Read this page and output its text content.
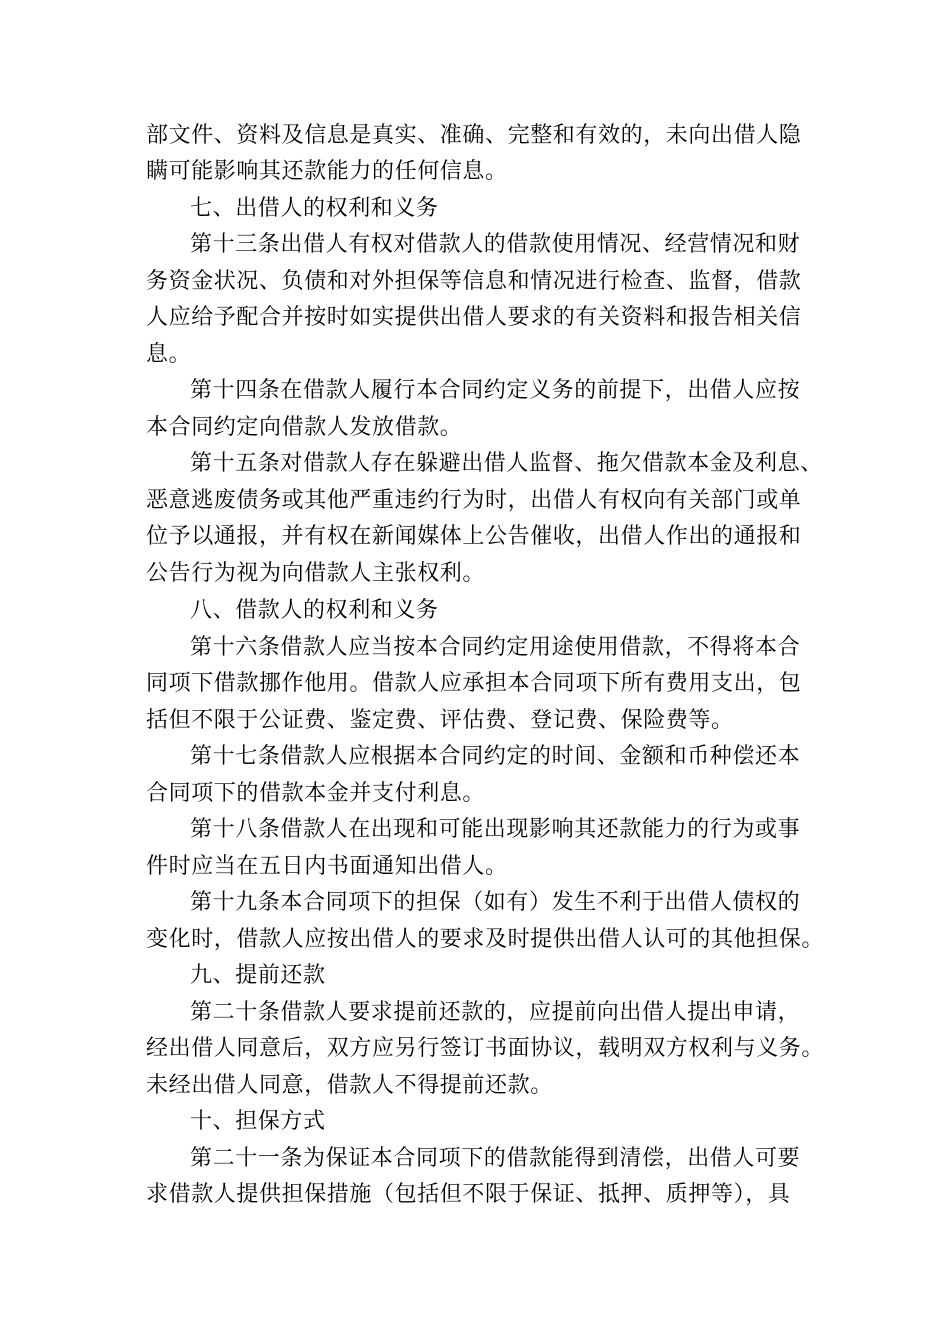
部文件、资料及信息是真实、准确、完整和有效的，未向出借人隐
瞒可能影响其还款能力的任何信息。
七、出借人的权利和义务
第十三条出借人有权对借款人的借款使用情况、经营情况和财
务资金状况、负债和对外担保等信息和情况进行检查、监督，借款
人应给予配合并按时如实提供出借人要求的有关资料和报告相关信
息。
第十四条在借款人履行本合同约定义务的前提下，出借人应按
本合同约定向借款人发放借款。
第十五条对借款人存在躲避出借人监督、拖欠借款本金及利息、
恶意逃废债务或其他严重违约行为时，出借人有权向有关部门或单
位予以通报，并有权在新闻媒体上公告催收，出借人作出的通报和
公告行为视为向借款人主张权利。
八、借款人的权利和义务
第十六条借款人应当按本合同约定用途使用借款，不得将本合
同项下借款挪作他用。借款人应承担本合同项下所有费用支出，包
括但不限于公证费、鉴定费、评估费、登记费、保险费等。
第十七条借款人应根据本合同约定的时间、金额和币种偿还本
合同项下的借款本金并支付利息。
第十八条借款人在出现和可能出现影响其还款能力的行为或事
件时应当在五日内书面通知出借人。
第十九条本合同项下的担保（如有）发生不利于出借人债权的
变化时，借款人应按出借人的要求及时提供出借人认可的其他担保。
九、提前还款
第二十条借款人要求提前还款的，应提前向出借人提出申请，
经出借人同意后，双方应另行签订书面协议，载明双方权利与义务。
未经出借人同意，借款人不得提前还款。
十、担保方式
第二十一条为保证本合同项下的借款能得到清偿，出借人可要
求借款人提供担保措施（包括但不限于保证、抵押、质押等），具
